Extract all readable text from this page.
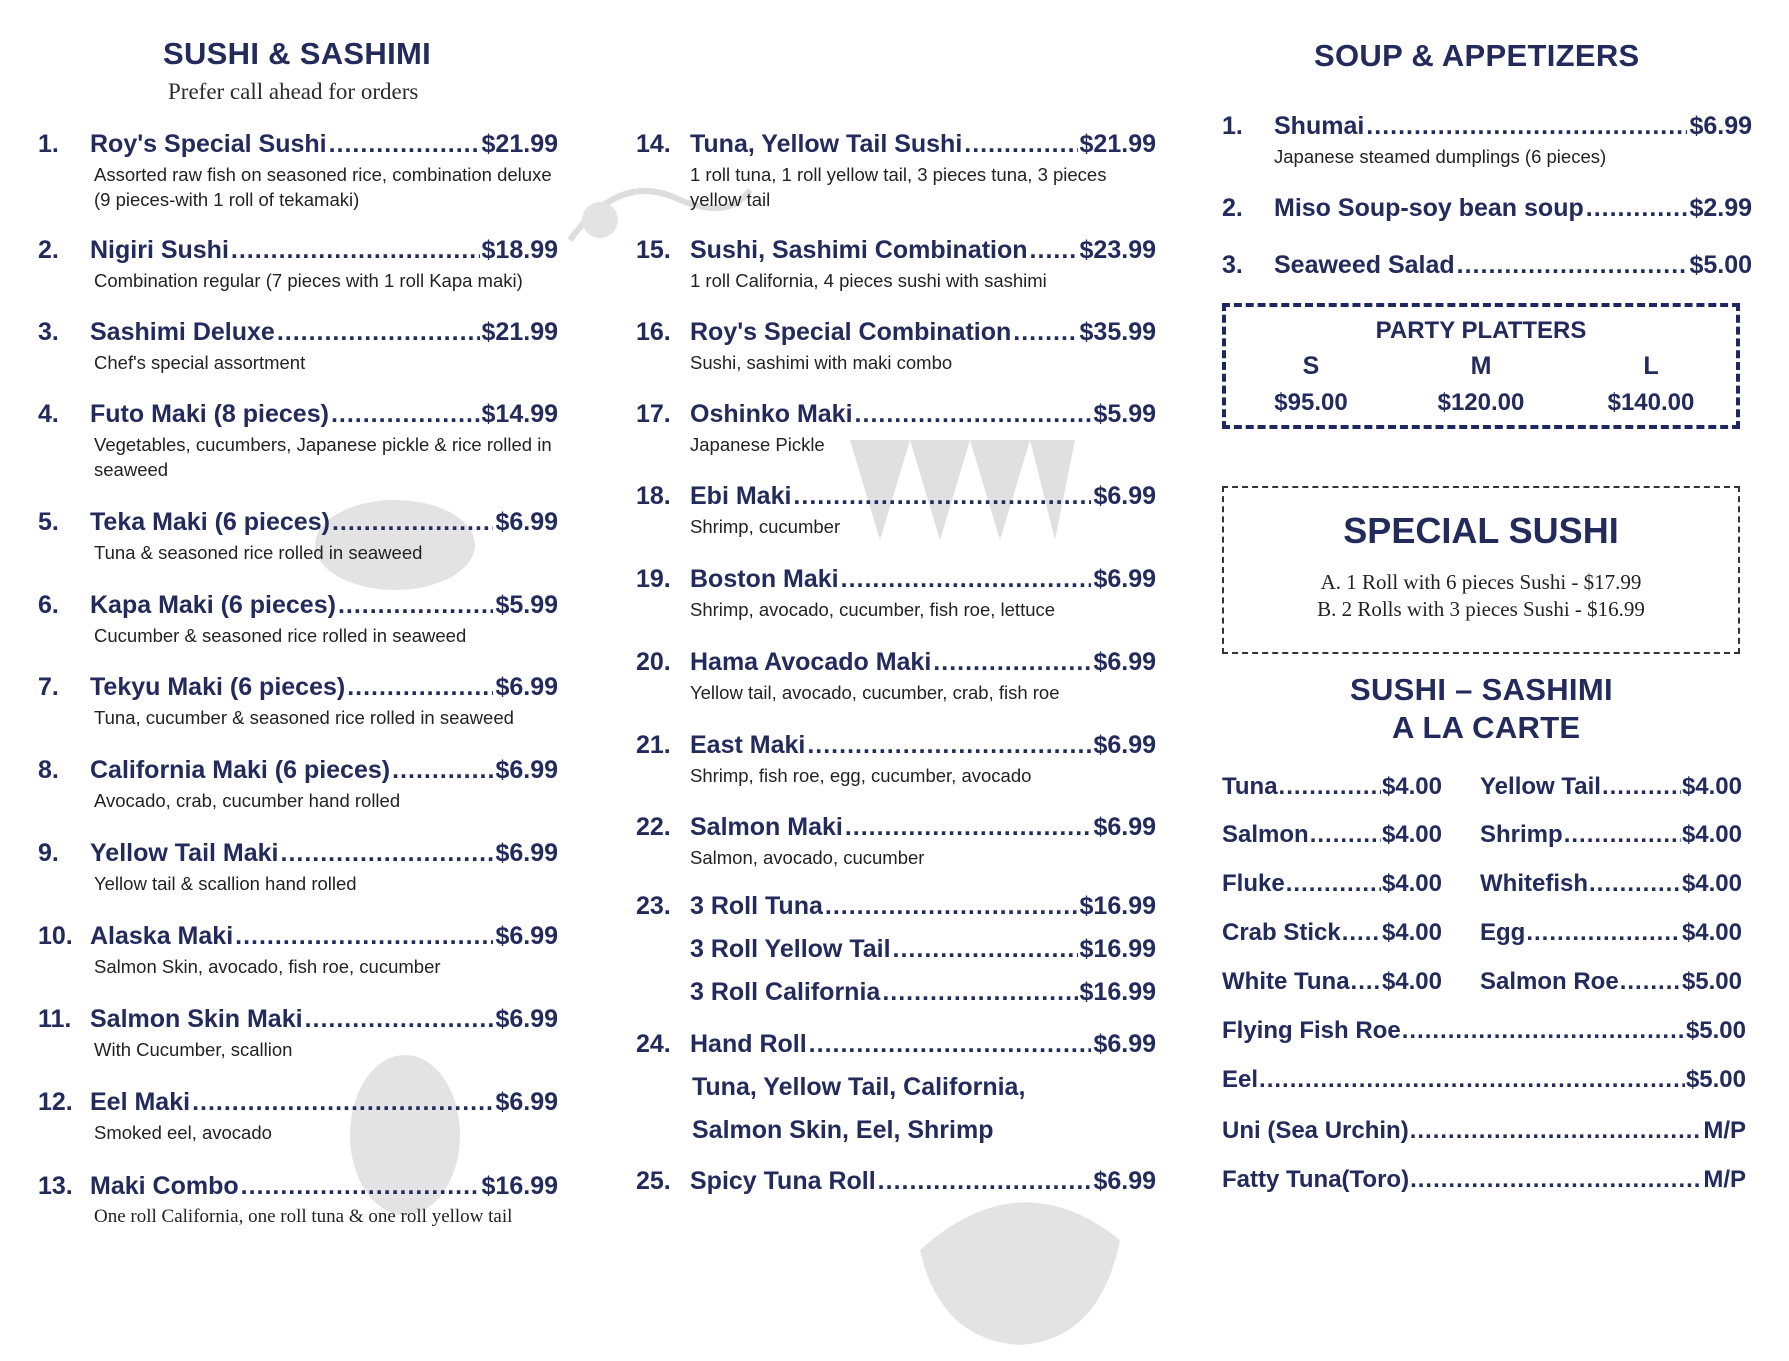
SUSHI & SASHIMI
Prefer call ahead for orders
1.	Roy's Special Sushi .....	$21.99
Assorted raw fish on seasoned rice, combination deluxe (9 pieces-with 1 roll of tekamaki)
2.	Nigiri Sushi .....	$18.99
Combination regular (7 pieces with 1 roll Kapa maki)
3.	Sashimi Deluxe .....	$21.99
Chef's special assortment
4.	Futo Maki (8 pieces) .....	$14.99
Vegetables, cucumbers, Japanese pickle & rice rolled in seaweed
5.	Teka Maki (6 pieces) .....	$6.99
Tuna & seasoned rice rolled in seaweed
6.	Kapa Maki (6 pieces) .....	$5.99
Cucumber & seasoned rice rolled in seaweed
7.	Tekyu Maki (6 pieces) .....	$6.99
Tuna, cucumber & seasoned rice rolled in seaweed
8.	California Maki (6 pieces) .....	$6.99
Avocado, crab, cucumber hand rolled
9.	Yellow Tail Maki .....	$6.99
Yellow tail & scallion hand rolled
10. Alaska Maki .....	$6.99
Salmon Skin, avocado, fish roe, cucumber
11. Salmon Skin Maki .....	$6.99
With Cucumber, scallion
12. Eel Maki .....	$6.99
Smoked eel, avocado
13. Maki Combo .....	$16.99
One roll California, one roll tuna & one roll yellow tail
14. Tuna, Yellow Tail Sushi .....	$21.99
1 roll tuna, 1 roll yellow tail, 3 pieces tuna, 3 pieces yellow tail
15. Sushi, Sashimi Combination ..... $23.99
1 roll California, 4 pieces sushi with sashimi
16. Roy's Special Combination .....	$35.99
Sushi, sashimi with maki combo
17. Oshinko Maki .....	$5.99
Japanese Pickle
18. Ebi Maki .....	$6.99
Shrimp, cucumber
19. Boston Maki .....	$6.99
Shrimp, avocado, cucumber, fish roe, lettuce
20. Hama Avocado Maki .....	$6.99
Yellow tail, avocado, cucumber, crab, fish roe
21. East Maki .....	$6.99
Shrimp, fish roe, egg, cucumber, avocado
22. Salmon Maki .....	$6.99
Salmon, avocado, cucumber
23. 3 Roll Tuna .....	$16.99
3 Roll Yellow Tail .....	$16.99
3 Roll California .....	$16.99
24. Hand Roll .....	$6.99
Tuna, Yellow Tail, California,
Salmon Skin, Eel, Shrimp
25. Spicy Tuna Roll .....	$6.99
SOUP & APPETIZERS
1.	Shumai .....	$6.99
Japanese steamed dumplings (6 pieces)
2.	Miso Soup-soy bean soup .....	$2.99
3.	Seaweed Salad .....	$5.00
PARTY PLATTERS
S	M	L
$95.00	$120.00	$140.00
SPECIAL SUSHI
A. 1 Roll with 6 pieces Sushi - $17.99
B. 2 Rolls with 3 pieces Sushi - $16.99
SUSHI – SASHIMI
A LA CARTE
Tuna .....	$4.00 Yellow Tail .....	$4.00
Salmon .....	$4.00 Shrimp .....	$4.00
Fluke .....	$4.00 Whitefish .....	$4.00
Crab Stick ..... $4.00 Egg .....	$4.00
White Tuna ..... $4.00 Salmon Roe .....	$5.00
Flying Fish Roe .....	$5.00
Eel .....	$5.00
Uni (Sea Urchin) .....	M/P
Fatty Tuna(Toro) .....	M/P
